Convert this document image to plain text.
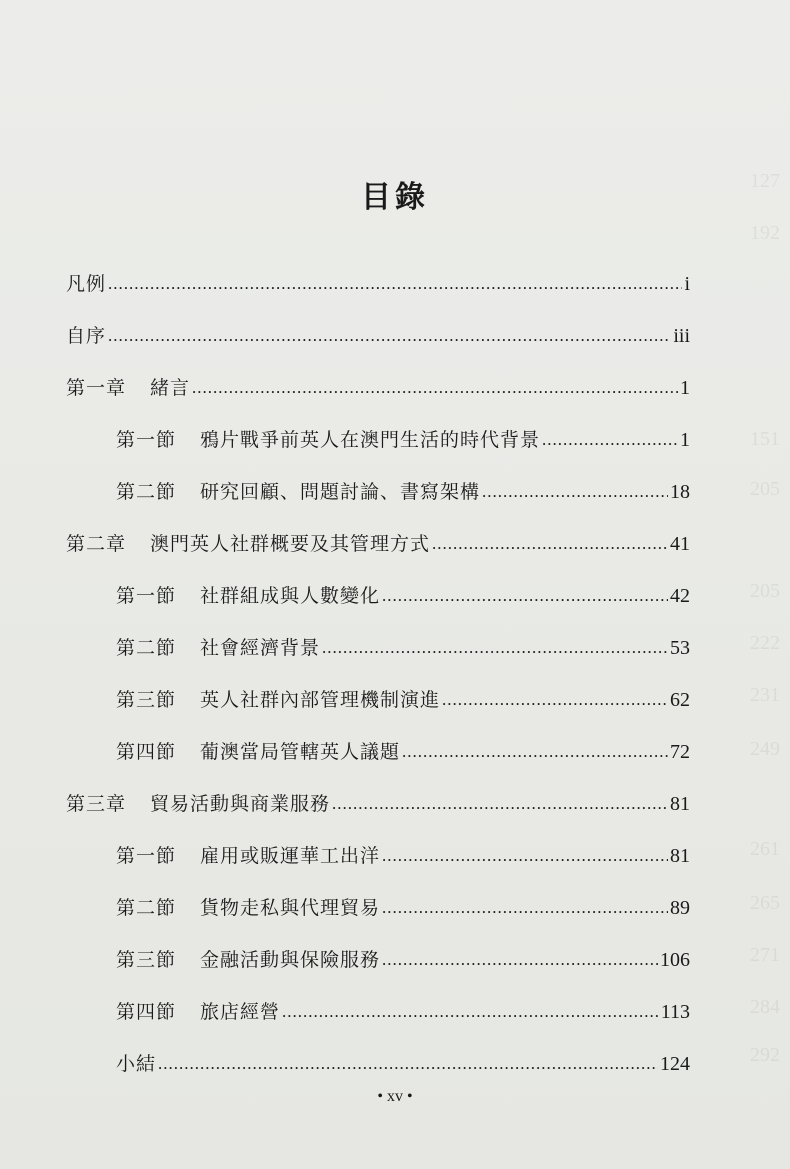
127
192
151
205
205
222
231
249
261
265
271
284
292
目錄
凡例 .....	i
自序 .....	iii
第一章 緒言 .....	1
第一節 鴉片戰爭前英人在澳門生活的時代背景 .....	1
第二節 研究回顧、問題討論、書寫架構 .....	18
第二章 澳門英人社群概要及其管理方式 .....	41
第一節 社群組成與人數變化 .....	42
第二節 社會經濟背景 .....	53
第三節 英人社群內部管理機制演進 .....	62
第四節 葡澳當局管轄英人議題 .....	72
第三章 貿易活動與商業服務 .....	81
第一節 雇用或販運華工出洋 .....	81
第二節 貨物走私與代理貿易 .....	89
第三節 金融活動與保險服務 .....	106
第四節 旅店經營 .....	113
小結 .....	124
• xv •
